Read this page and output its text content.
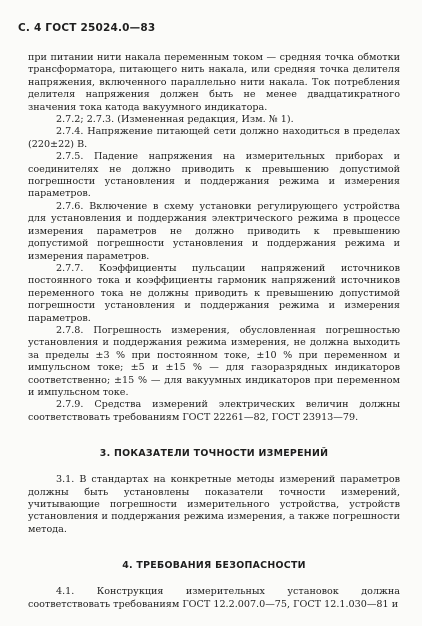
С. 4 ГОСТ 25024.0—83

при питании нити накала переменным током — средняя точка обмотки трансформатора, питающего нить накала, или средняя точка делителя напряжения, включенного параллельно нити накала. Ток потребления делителя напряжения должен быть не менее двадцатикратного значения тока катода вакуумного индикатора.

2.7.2; 2.7.3. (Измененная редакция, Изм. № 1).

2.7.4. Напряжение питающей сети должно находиться в пределах (220±22) В.

2.7.5. Падение напряжения на измерительных приборах и соединителях не должно приводить к превышению допустимой погрешности установления и поддержания режима и измерения параметров.

2.7.6. Включение в схему установки регулирующего устройства для установления и поддержания электрического режима в процессе измерения параметров не должно приводить к превышению допустимой погрешности установления и поддержания режима и измерения параметров.

2.7.7. Коэффициенты пульсации напряжений источников постоянного тока и коэффициенты гармоник напряжений источников переменного тока не должны приводить к превышению допустимой погрешности установления и поддержания режима и измерения параметров.

2.7.8. Погрешность измерения, обусловленная погрешностью установления и поддержания режима измерения, не должна выходить за пределы ±3 % при постоянном токе, ±10 % при переменном и импульсном токе; ±5 и ±15 % — для газоразрядных индикаторов соответственно; ±15 % — для вакуумных индикаторов при переменном и импульсном токе.

2.7.9. Средства измерений электрических величин должны соответствовать требованиям ГОСТ 22261—82, ГОСТ 23913—79.

3. ПОКАЗАТЕЛИ ТОЧНОСТИ ИЗМЕРЕНИЙ

3.1. В стандартах на конкретные методы измерений параметров должны быть установлены показатели точности измерений, учитывающие погрешности измерительного устройства, устройств установления и поддержания режима измерения, а также погрешности метода.

4. ТРЕБОВАНИЯ БЕЗОПАСНОСТИ

4.1. Конструкция измерительных установок должна соответствовать требованиям ГОСТ 12.2.007.0—75, ГОСТ 12.1.030—81 и
